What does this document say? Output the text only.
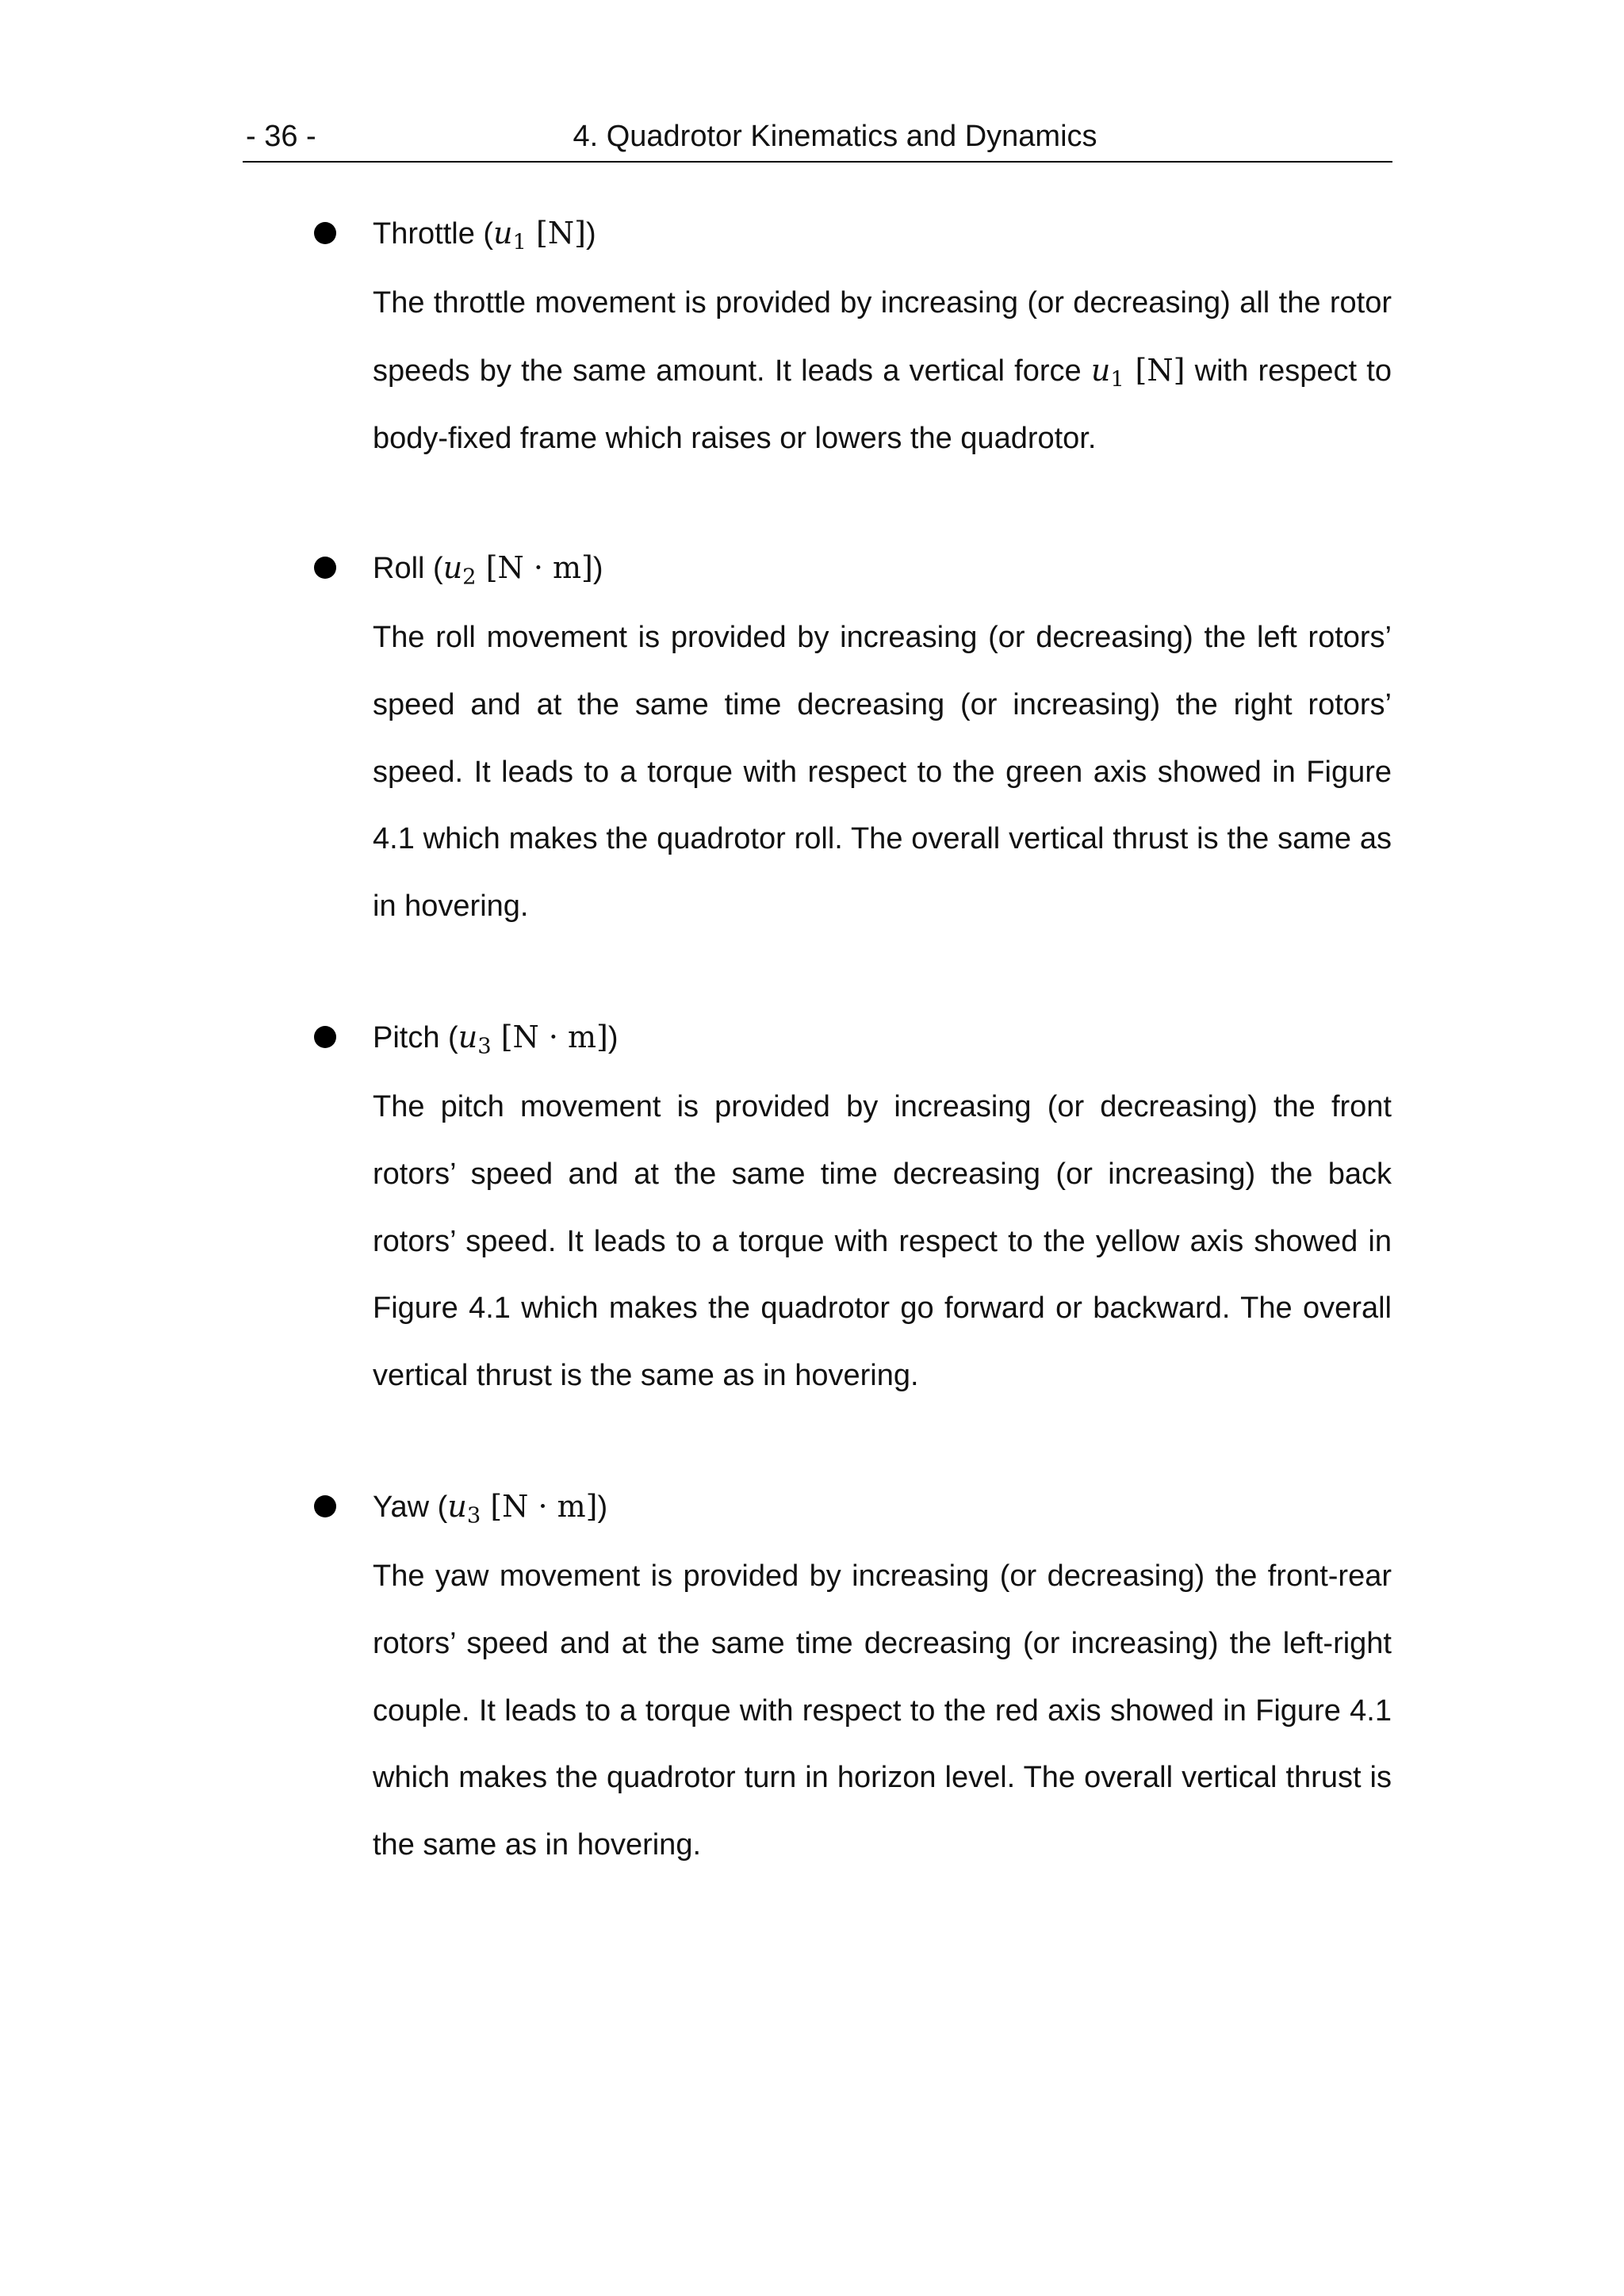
- 36 -	4. Quadrotor Kinematics and Dynamics
Throttle ($u_1$ [N])

The throttle movement is provided by increasing (or decreasing) all the rotor speeds by the same amount. It leads a vertical force $u_1$ [N] with respect to body-fixed frame which raises or lowers the quadrotor.

Roll ($u_2$ [N · m])

The roll movement is provided by increasing (or decreasing) the left rotors’ speed and at the same time decreasing (or increasing) the right rotors’ speed. It leads to a torque with respect to the green axis showed in Figure 4.1 which makes the quadrotor roll. The overall vertical thrust is the same as in hovering.

Pitch ($u_3$ [N · m])

The pitch movement is provided by increasing (or decreasing) the front rotors’ speed and at the same time decreasing (or increasing) the back rotors’ speed. It leads to a torque with respect to the yellow axis showed in Figure 4.1 which makes the quadrotor go forward or backward. The overall vertical thrust is the same as in hovering.

Yaw ($u_3$ [N · m])

The yaw movement is provided by increasing (or decreasing) the front-rear rotors’ speed and at the same time decreasing (or increasing) the left-right couple. It leads to a torque with respect to the red axis showed in Figure 4.1 which makes the quadrotor turn in horizon level. The overall vertical thrust is the same as in hovering.
